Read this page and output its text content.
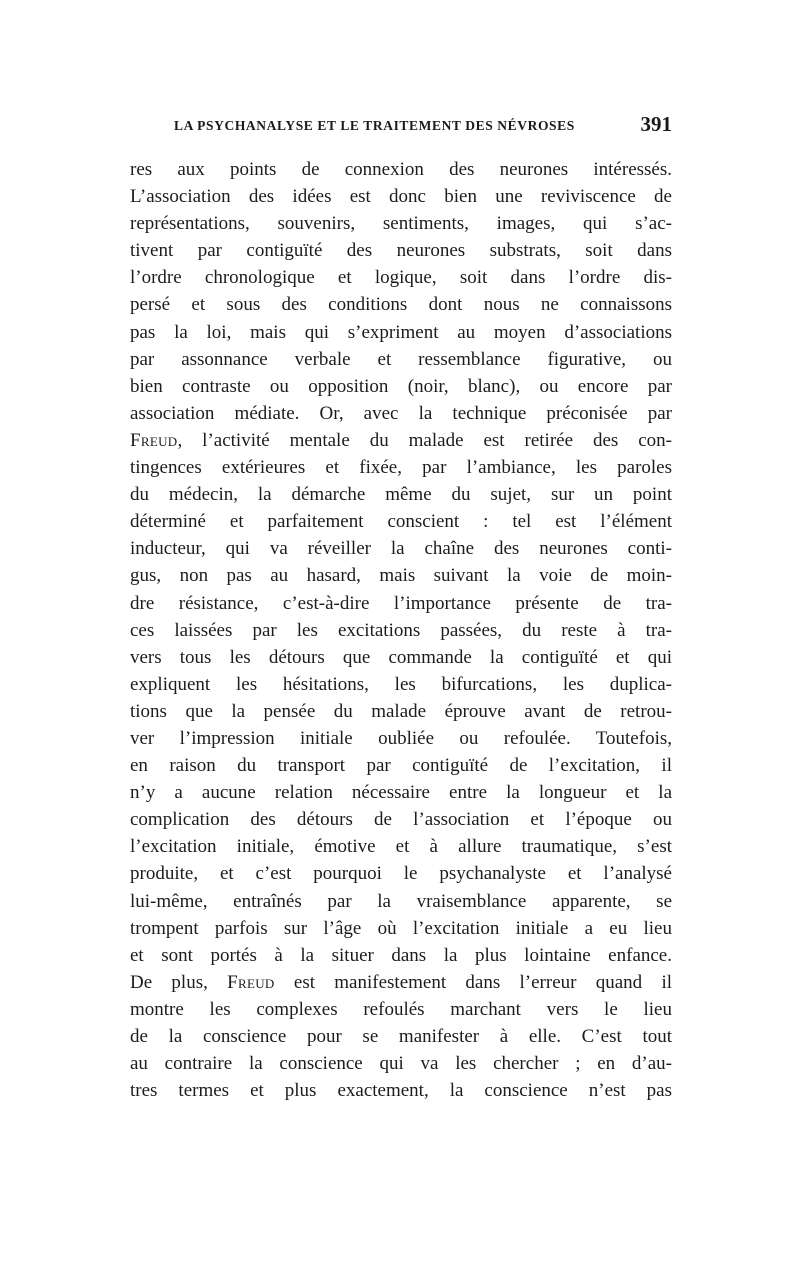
LA PSYCHANALYSE ET LE TRAITEMENT DES NÉVROSES	391
res aux points de connexion des neurones intéressés.
L’association des idées est donc bien une reviviscence de
représentations, souvenirs, sentiments, images, qui s’ac-
tivent par contiguïté des neurones substrats, soit dans
l’ordre chronologique et logique, soit dans l’ordre dis-
persé et sous des conditions dont nous ne connaissons
pas la loi, mais qui s’expriment au moyen d’associations
par assonnance verbale et ressemblance figurative, ou
bien contraste ou opposition (noir, blanc), ou encore par
association médiate. Or, avec la technique préconisée par
Freud, l’activité mentale du malade est retirée des con-
tingences extérieures et fixée, par l’ambiance, les paroles
du médecin, la démarche même du sujet, sur un point
déterminé et parfaitement conscient : tel est l’élément
inducteur, qui va réveiller la chaîne des neurones conti-
gus, non pas au hasard, mais suivant la voie de moin-
dre résistance, c’est-à-dire l’importance présente de tra-
ces laissées par les excitations passées, du reste à tra-
vers tous les détours que commande la contiguïté et qui
expliquent les hésitations, les bifurcations, les duplica-
tions que la pensée du malade éprouve avant de retrou-
ver l’impression initiale oubliée ou refoulée. Toutefois,
en raison du transport par contiguïté de l’excitation, il
n’y a aucune relation nécessaire entre la longueur et la
complication des détours de l’association et l’époque ou
l’excitation initiale, émotive et à allure traumatique, s’est
produite, et c’est pourquoi le psychanalyste et l’analysé
lui-même, entraînés par la vraisemblance apparente, se
trompent parfois sur l’âge où l’excitation initiale a eu lieu
et sont portés à la situer dans la plus lointaine enfance.
De plus, Freud est manifestement dans l’erreur quand il
montre les complexes refoulés marchant vers le lieu
de la conscience pour se manifester à elle. C’est tout
au contraire la conscience qui va les chercher ; en d’au-
tres termes et plus exactement, la conscience n’est pas
